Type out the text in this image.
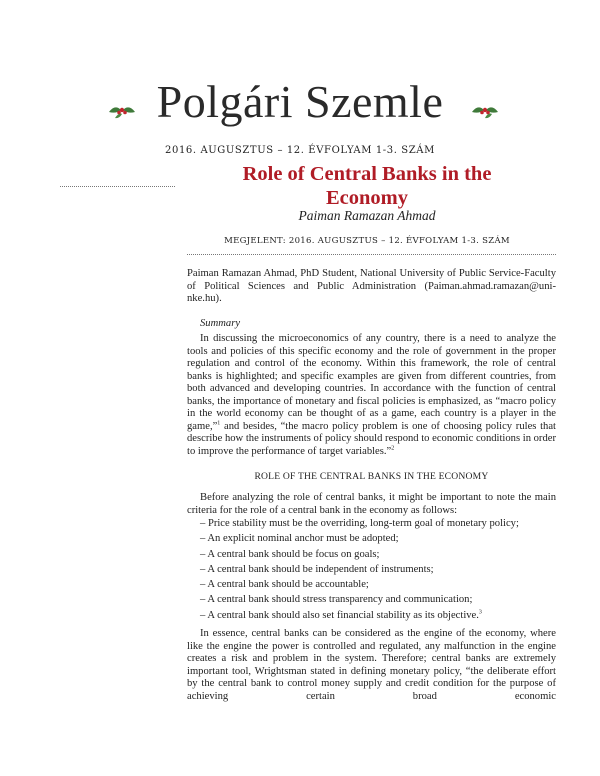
Polgári Szemle
2016. AUGUSZTUS – 12. ÉVFOLYAM 1-3. SZÁM
Role of Central Banks in the Economy
Paiman Ramazan Ahmad
MEGJELENT: 2016. AUGUSZTUS – 12. ÉVFOLYAM 1-3. SZÁM
Paiman Ramazan Ahmad, PhD Student, National University of Public Service-Faculty of Political Sciences and Public Administration (Paiman.ahmad.ramazan@uni-nke.hu).
Summary
In discussing the microeconomics of any country, there is a need to analyze the tools and policies of this specific economy and the role of government in the proper regulation and control of the economy. Within this framework, the role of central banks is highlighted; and specific examples are given from different countries, from both advanced and developing countries. In accordance with the function of central banks, the importance of monetary and fiscal policies is emphasized, as “macro policy in the world economy can be thought of as a game, each country is a player in the game,”$^1$ and besides, “the macro policy problem is one of choosing policy rules that describe how the instruments of policy should respond to economic conditions in order to improve the performance of target variables.”$^2$
ROLE OF THE CENTRAL BANKS IN THE ECONOMY
Before analyzing the role of central banks, it might be important to note the main criteria for the role of a central bank in the economy as follows:
– Price stability must be the overriding, long-term goal of monetary policy;
– An explicit nominal anchor must be adopted;
– A central bank should be focus on goals;
– A central bank should be independent of instruments;
– A central bank should be accountable;
– A central bank should stress transparency and communication;
– A central bank should also set financial stability as its objective.$^3$
In essence, central banks can be considered as the engine of the economy, where like the engine the power is controlled and regulated, any malfunction in the engine creates a risk and problem in the system. Therefore; central banks are extremely important tool, Wrightsman stated in defining monetary policy, “the deliberate effort by the central bank to control money supply and credit condition for the purpose of achieving certain broad economic
